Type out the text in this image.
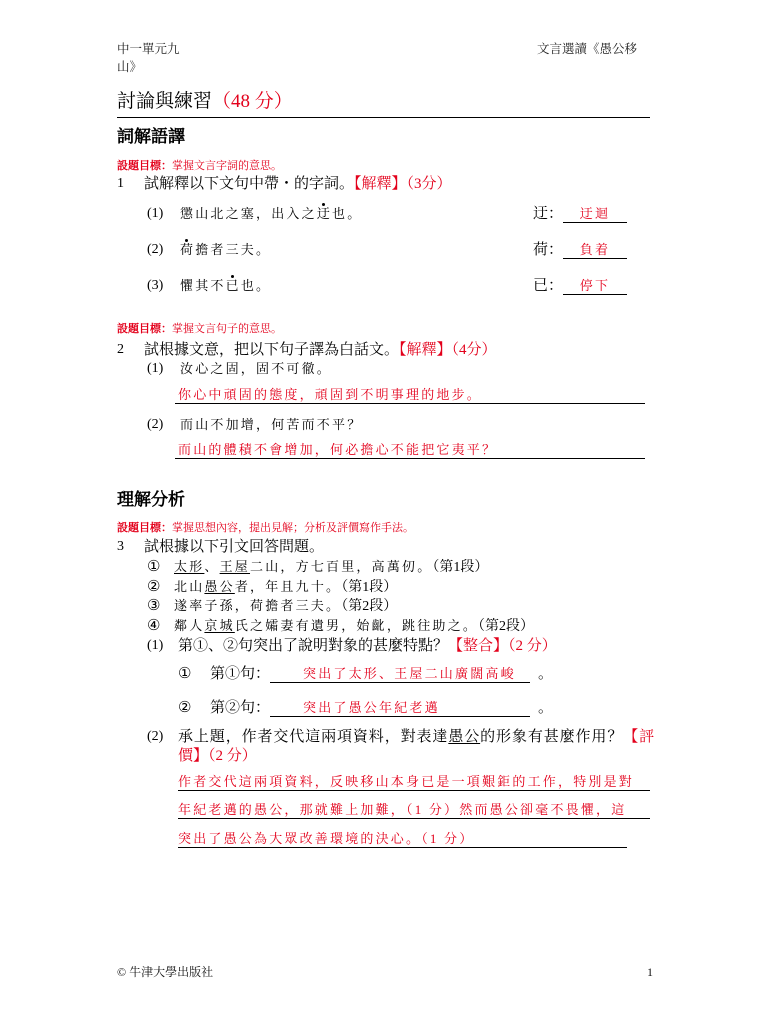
中一單元九
山》
文言選讀《愚公移
討論與練習（48 分）
詞解語譯
設題目標：掌握文言字詞的意思。
1 試解釋以下文句中帶・的字詞。【解釋】（3分）
(1) 懲山北之塞，出入之迂也。	迂：	迂迴
(2) 荷擔者三夫。	荷：	負着
(3) 懼其不已也。	已：	停下
設題目標：掌握文言句子的意思。
2 試根據文意，把以下句子譯為白話文。【解釋】（4分）
(1) 汝心之固，固不可徹。
你心中頑固的態度，頑固到不明事理的地步。
(2) 而山不加增，何苦而不平？
而山的體積不會增加，何必擔心不能把它夷平？
理解分析
設題目標：掌握思想內容，提出見解；分析及評價寫作手法。
3 試根據以下引文回答問題。
① 太形、王屋二山，方七百里，高萬仞。（第1段）
② 北山愚公者，年且九十。（第1段）
③ 遂率子孫，荷擔者三夫。（第2段）
④ 鄰人京城氏之孀妻有遺男，始齔，跳往助之。（第2段）
(1) 第①、②句突出了說明對象的甚麼特點？【整合】（2 分）
① 第①句：	突出了太形、王屋二山廣闊高峻	。
② 第②句：	突出了愚公年紀老邁	。
(2) 承上題，作者交代這兩項資料，對表達愚公的形象有甚麼作用？【評
價】（2 分）
作者交代這兩項資料，反映移山本身已是一項艱鉅的工作，特別是對
年紀老邁的愚公，那就難上加難，（1 分）然而愚公卻毫不畏懼，這
突出了愚公為大眾改善環境的決心。（1 分）
© 牛津大學出版社	1
